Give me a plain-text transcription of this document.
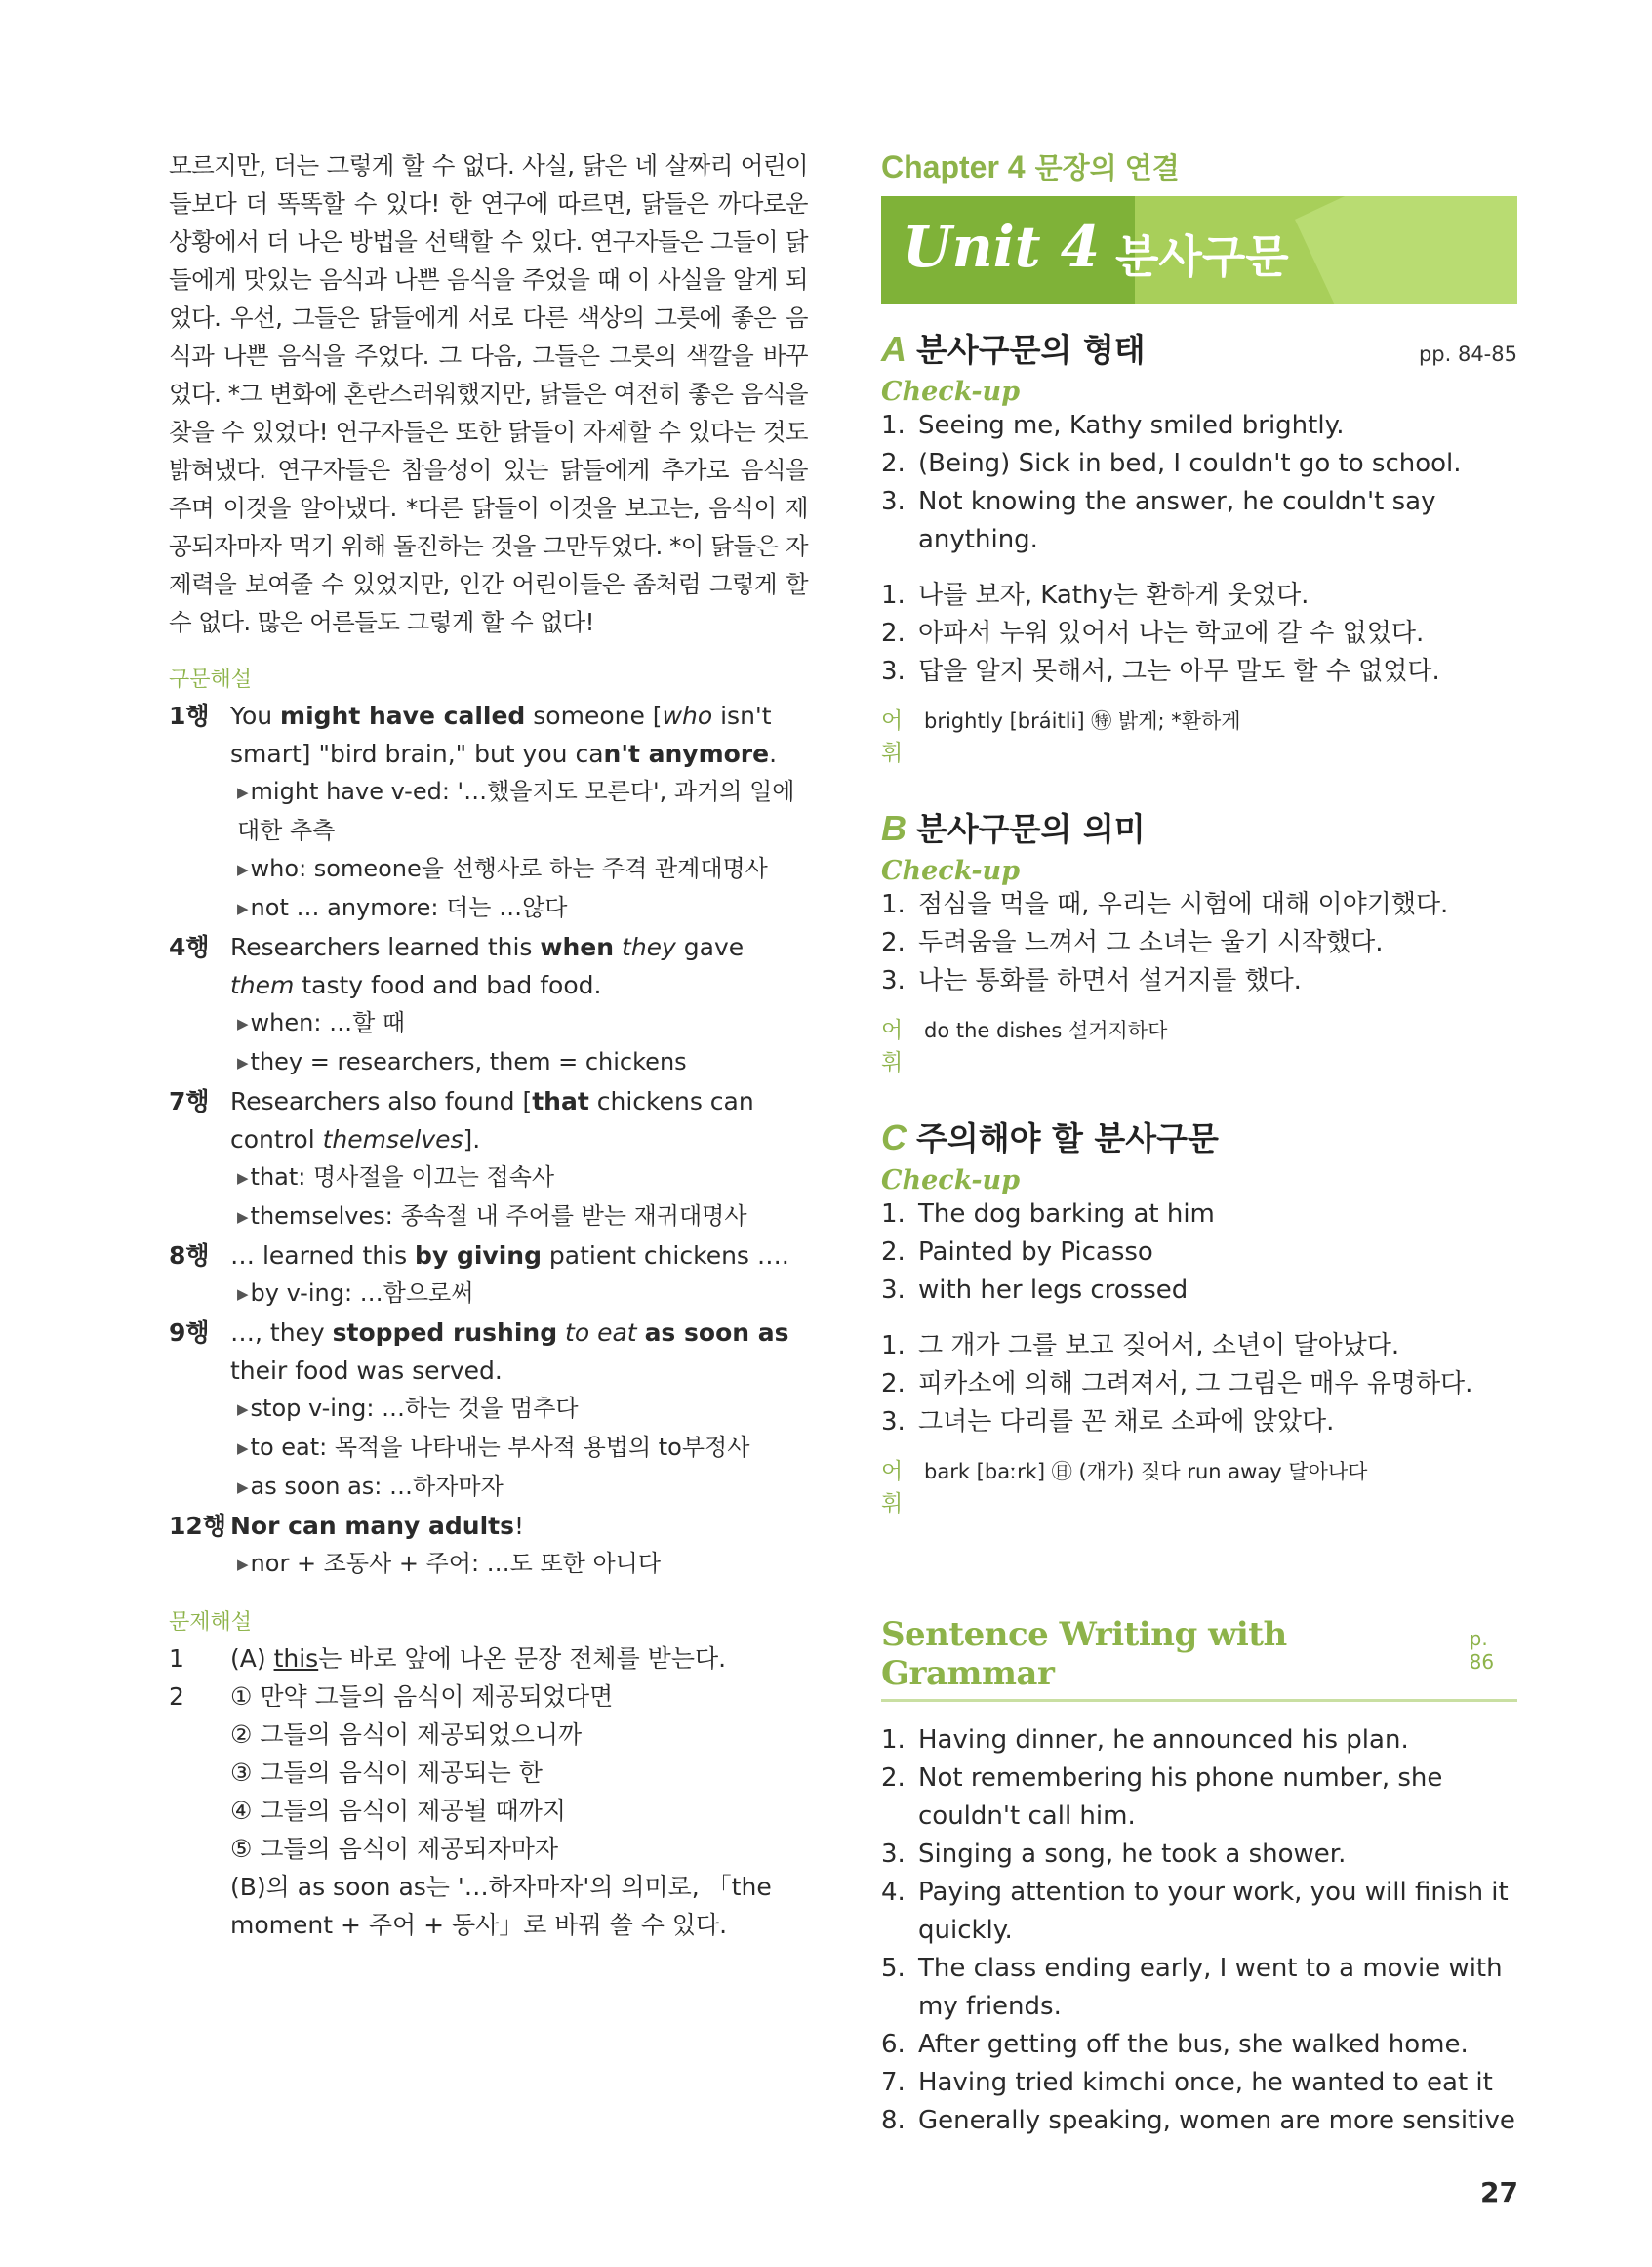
모르지만, 더는 그렇게 할 수 없다. 사실, 닭은 네 살짜리 어린이들보다 더 똑똑할 수 있다! 한 연구에 따르면, 닭들은 까다로운 상황에서 더 나은 방법을 선택할 수 있다. 연구자들은 그들이 닭들에게 맛있는 음식과 나쁜 음식을 주었을 때 이 사실을 알게 되었다. 우선, 그들은 닭들에게 서로 다른 색상의 그릇에 좋은 음식과 나쁜 음식을 주었다. 그 다음, 그들은 그릇의 색깔을 바꾸었다. *그 변화에 혼란스러워했지만, 닭들은 여전히 좋은 음식을 찾을 수 있었다! 연구자들은 또한 닭들이 자제할 수 있다는 것도 밝혀냈다. 연구자들은 참을성이 있는 닭들에게 추가로 음식을 주며 이것을 알아냈다. *다른 닭들이 이것을 보고는, 음식이 제공되자마자 먹기 위해 돌진하는 것을 그만두었다. *이 닭들은 자제력을 보여줄 수 있었지만, 인간 어린이들은 좀처럼 그렇게 할 수 없다. 많은 어른들도 그렇게 할 수 없다!

구문해설
1행 You might have called someone [who isn't smart] "bird brain," but you can't anymore.
▶might have v-ed: '…했을지도 모른다', 과거의 일에 대한 추측
▶who: someone을 선행사로 하는 주격 관계대명사
▶not … anymore: 더는 …않다
4행 Researchers learned this when they gave them tasty food and bad food.
▶when: …할 때
▶they = researchers, them = chickens
7행 Researchers also found [that chickens can control themselves].
▶that: 명사절을 이끄는 접속사
▶themselves: 종속절 내 주어를 받는 재귀대명사
8행 … learned this by giving patient chickens ….
▶by v-ing: …함으로써
9행 …, they stopped rushing to eat as soon as their food was served.
▶stop v-ing: …하는 것을 멈추다
▶to eat: 목적을 나타내는 부사적 용법의 to부정사
▶as soon as: …하자마자
12행 Nor can many adults!
▶nor + 조동사 + 주어: …도 또한 아니다
문제해설
1	(A) this는 바로 앞에 나온 문장 전체를 받는다.
2	① 만약 그들의 음식이 제공되었다면
② 그들의 음식이 제공되었으니까
③ 그들의 음식이 제공되는 한
④ 그들의 음식이 제공될 때까지
⑤ 그들의 음식이 제공되자마자
(B)의 as soon as는 '…하자마자'의 의미로, 「the moment + 주어 + 동사」로 바꿔 쓸 수 있다.
Chapter 4 문장의 연결
Unit 4 분사구문
A 분사구문의 형태	pp. 84-85
Check-up
1. Seeing me, Kathy smiled brightly.
2. (Being) Sick in bed, I couldn't go to school.
3. Not knowing the answer, he couldn't say anything.
1. 나를 보자, Kathy는 환하게 웃었다.
2. 아파서 누워 있어서 나는 학교에 갈 수 없었다.
3. 답을 알지 못해서, 그는 아무 말도 할 수 없었다.
어휘
brightly [bráitli] ㊕ 밝게; *환하게
B 분사구문의 의미
Check-up
1. 점심을 먹을 때, 우리는 시험에 대해 이야기했다.
2. 두려움을 느껴서 그 소녀는 울기 시작했다.
3. 나는 통화를 하면서 설거지를 했다.
어휘
do the dishes 설거지하다
C 주의해야 할 분사구문
Check-up
1. The dog barking at him
2. Painted by Picasso
3. with her legs crossed
1. 그 개가 그를 보고 짖어서, 소년이 달아났다.
2. 피카소에 의해 그려져서, 그 그림은 매우 유명하다.
3. 그녀는 다리를 꼰 채로 소파에 앉았다.
어휘
bark [baːrk] ㊐ (개가) 짖다 run away 달아나다
Sentence Writing with Grammar
p. 86
1. Having dinner, he announced his plan.
2. Not remembering his phone number, she couldn't call him.
3. Singing a song, he took a shower.
4. Paying attention to your work, you will finish it quickly.
5. The class ending early, I went to a movie with my friends.
6. After getting off the bus, she walked home.
7. Having tried kimchi once, he wanted to eat it
8. Generally speaking, women are more sensitive
27
